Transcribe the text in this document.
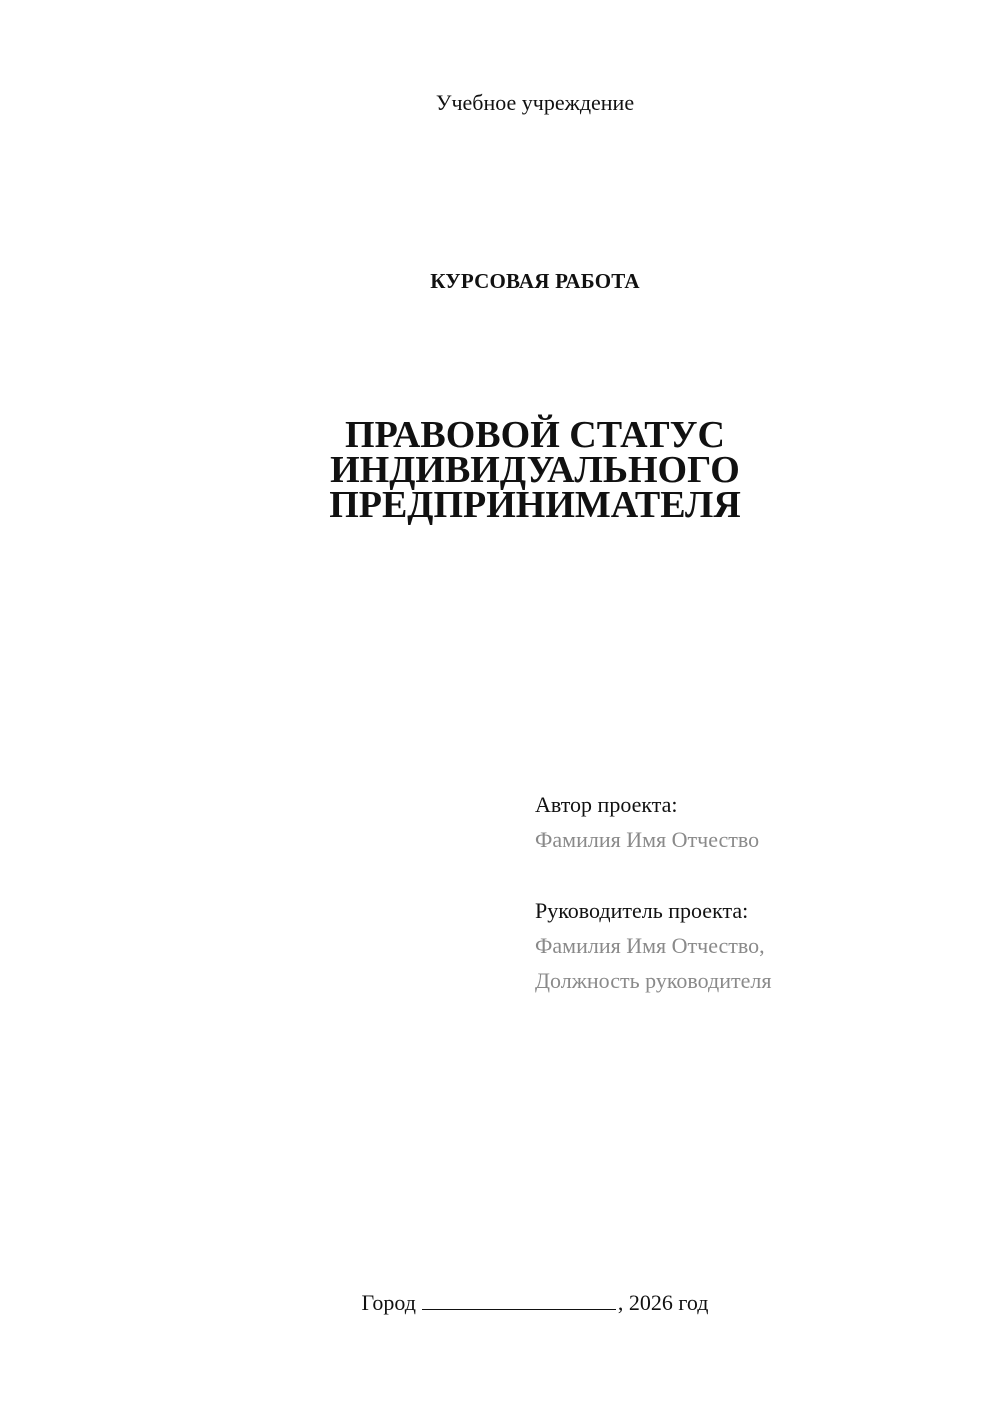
Учебное учреждение
КУРСОВАЯ РАБОТА
ПРАВОВОЙ СТАТУС
ИНДИВИДУАЛЬНОГО
ПРЕДПРИНИМАТЕЛЯ
Автор проекта:
Фамилия Имя Отчество
Руководитель проекта:
Фамилия Имя Отчество,
Должность руководителя
Город	, 2026 год
